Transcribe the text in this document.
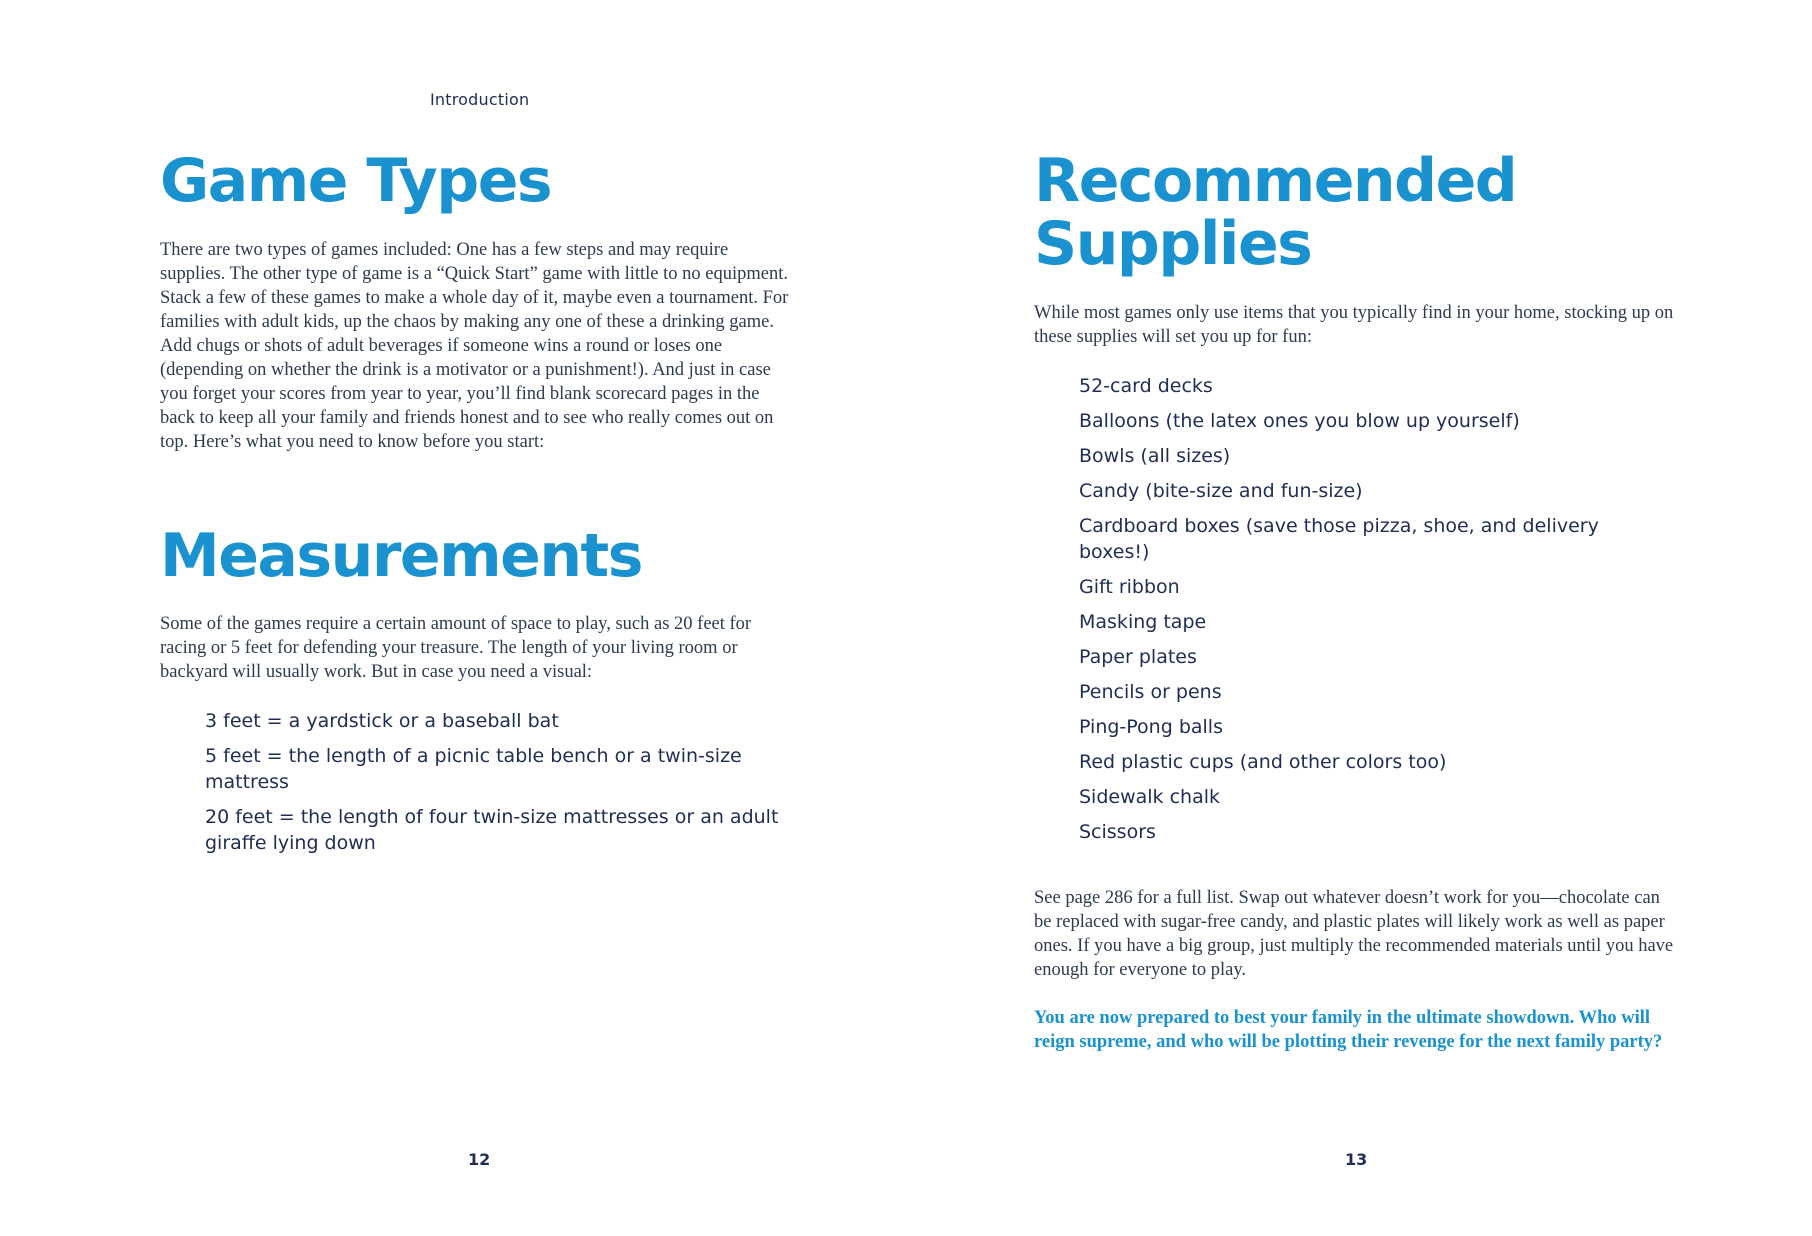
Introduction
Game Types

There are two types of games included: One has a few steps and may require supplies. The other type of game is a “Quick Start” game with little to no equipment. Stack a few of these games to make a whole day of it, maybe even a tournament. For families with adult kids, up the chaos by making any one of these a drinking game. Add chugs or shots of adult beverages if someone wins a round or loses one (depending on whether the drink is a motivator or a punishment!). And just in case you forget your scores from year to year, you’ll find blank scorecard pages in the back to keep all your family and friends honest and to see who really comes out on top. Here’s what you need to know before you start:

Measurements

Some of the games require a certain amount of space to play, such as 20 feet for racing or 5 feet for defending your treasure. The length of your living room or backyard will usually work. But in case you need a visual:

3 feet = a yardstick or a baseball bat
5 feet = the length of a picnic table bench or a twin-size mattress
20 feet = the length of four twin-size mattresses or an adult giraffe lying down
12
Recommended
Supplies

While most games only use items that you typically find in your home, stocking up on these supplies will set you up for fun:

52-card decks
Balloons (the latex ones you blow up yourself)
Bowls (all sizes)
Candy (bite-size and fun-size)
Cardboard boxes (save those pizza, shoe, and delivery boxes!)
Gift ribbon
Masking tape
Paper plates
Pencils or pens
Ping-Pong balls
Red plastic cups (and other colors too)
Sidewalk chalk
Scissors

See page 286 for a full list. Swap out whatever doesn’t work for you—chocolate can be replaced with sugar-free candy, and plastic plates will likely work as well as paper ones. If you have a big group, just multiply the recommended materials until you have enough for everyone to play.

You are now prepared to best your family in the ultimate showdown. Who will reign supreme, and who will be plotting their revenge for the next family party?

13
